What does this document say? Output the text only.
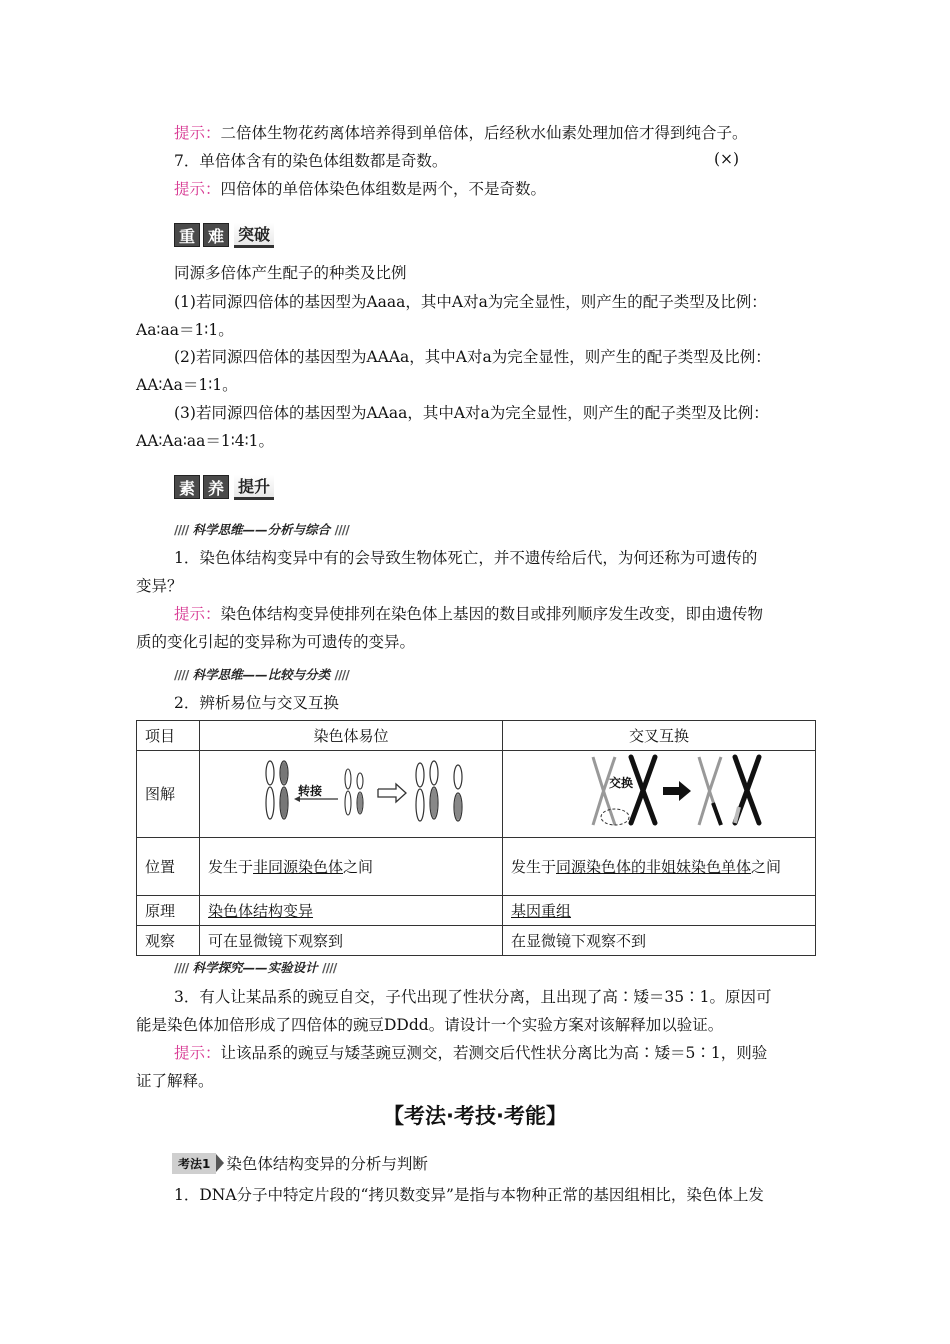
提示：二倍体生物花药离体培养得到单倍体，后经秋水仙素处理加倍才得到纯合子。
7．单倍体含有的染色体组数都是奇数。	(×)
提示：四倍体的单倍体染色体组数是两个，不是奇数。
重 难 突破
同源多倍体产生配子的种类及比例
(1)若同源四倍体的基因型为Aaaa，其中A对a为完全显性，则产生的配子类型及比例：
Aa∶aa＝1∶1。
(2)若同源四倍体的基因型为AAAa，其中A对a为完全显性，则产生的配子类型及比例：
AA∶Aa＝1∶1。
(3)若同源四倍体的基因型为AAaa，其中A对a为完全显性，则产生的配子类型及比例：
AA∶Aa∶aa＝1∶4∶1。
素 养 提升
//// 科学思维——分析与综合 ////
1．染色体结构变异中有的会导致生物体死亡，并不遗传给后代，为何还称为可遗传的
变异？
提示：染色体结构变异使排列在染色体上基因的数目或排列顺序发生改变，即由遗传物
质的变化引起的变异称为可遗传的变异。
//// 科学思维——比较与分类 ////
2．辨析易位与交叉互换
项目	染色体易位	交叉互换
图解	转接	交换

位置	发生于非同源染色体之间	发生于同源染色体的非姐妹染色单体之间
原理	染色体结构变异	基因重组
观察	可在显微镜下观察到	在显微镜下观察不到
//// 科学探究——实验设计 ////
3．有人让某品系的豌豆自交，子代出现了性状分离，且出现了高∶矮＝35∶1。原因可
能是染色体加倍形成了四倍体的豌豆DDdd。请设计一个实验方案对该解释加以验证。
提示：让该品系的豌豆与矮茎豌豆测交，若测交后代性状分离比为高∶矮＝5∶1，则验
证了解释。
【考法·考技·考能】
考法1	染色体结构变异的分析与判断
1．DNA分子中特定片段的“拷贝数变异”是指与本物种正常的基因组相比，染色体上发
